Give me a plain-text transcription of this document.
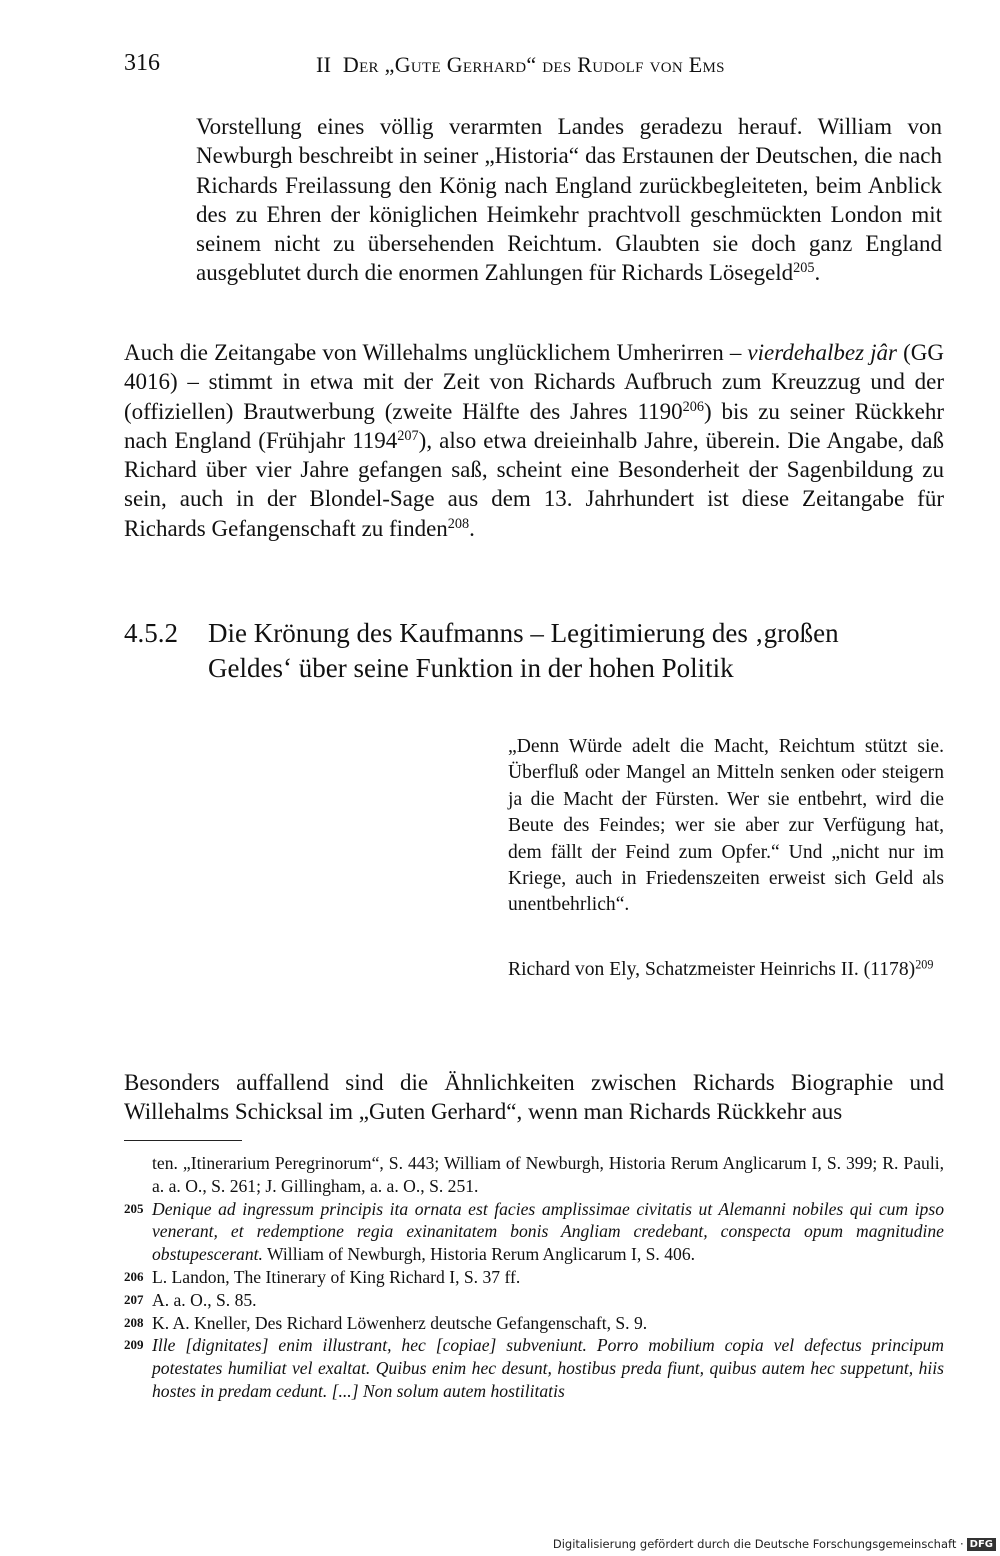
316	II Der „Gute Gerhard“ des Rudolf von Ems

Vorstellung eines völlig verarmten Landes geradezu herauf. William von Newburgh beschreibt in seiner „Historia“ das Erstaunen der Deutschen, die nach Richards Freilassung den König nach England zurückbegleiteten, beim Anblick des zu Ehren der königlichen Heimkehr prachtvoll geschmückten London mit seinem nicht zu übersehenden Reichtum. Glaubten sie doch ganz England ausgeblutet durch die enormen Zahlungen für Richards Lösegeld$^{205}$.

Auch die Zeitangabe von Willehalms unglücklichem Umherirren – vierdehalbez jâr (GG 4016) – stimmt in etwa mit der Zeit von Richards Aufbruch zum Kreuzzug und der (offiziellen) Brautwerbung (zweite Hälfte des Jahres 1190$^{206}$) bis zu seiner Rückkehr nach England (Frühjahr 1194$^{207}$), also etwa dreieinhalb Jahre, überein. Die Angabe, daß Richard über vier Jahre gefangen saß, scheint eine Besonderheit der Sagenbildung zu sein, auch in der Blondel-Sage aus dem 13. Jahrhundert ist diese Zeitangabe für Richards Gefangenschaft zu finden$^{208}$.

4.5.2 Die Krönung des Kaufmanns – Legitimierung des ‚großen
Geldes‘ über seine Funktion in der hohen Politik

„Denn Würde adelt die Macht, Reichtum stützt sie. Überfluß oder Mangel an Mitteln senken oder steigern ja die Macht der Fürsten. Wer sie entbehrt, wird die Beute des Feindes; wer sie aber zur Verfügung hat, dem fällt der Feind zum Opfer.“ Und „nicht nur im Kriege, auch in Friedenszeiten erweist sich Geld als unentbehrlich“.

Richard von Ely, Schatzmeister Heinrichs II. $(1178)^{209}$

Besonders auffallend sind die Ähnlichkeiten zwischen Richards Biographie und Willehalms Schicksal im „Guten Gerhard“, wenn man Richards Rückkehr aus

ten. „Itinerarium Peregrinorum“, S. 443; William of Newburgh, Historia Rerum Anglicarum I, S. 399; R. Pauli, a. a. O., S. 261; J. Gillingham, a. a. O., S. 251.

205 Denique ad ingressum principis ita ornata est facies amplissimae civitatis ut Alemanni nobiles qui cum ipso venerant, et redemptione regia exinanitatem bonis Angliam credebant, conspecta opum magnitudine obstupescerant. William of Newburgh, Historia Rerum Anglicarum I, S. 406.

206 L. Landon, The Itinerary of King Richard I, S. 37 ff.

207 A. a. O., S. 85.

208 K. A. Kneller, Des Richard Löwenherz deutsche Gefangenschaft, S. 9.

209 Ille [dignitates] enim illustrant, hec [copiae] subveniunt. Porro mobilium copia vel defectus principum potestates humiliat vel exaltat. Quibus enim hec desunt, hostibus preda fiunt, quibus autem hec suppetunt, hiis hostes in predam cedunt. [...] Non solum autem hostilitatis

Digitalisierung gefördert durch die Deutsche Forschungsgemeinschaft · DFG
